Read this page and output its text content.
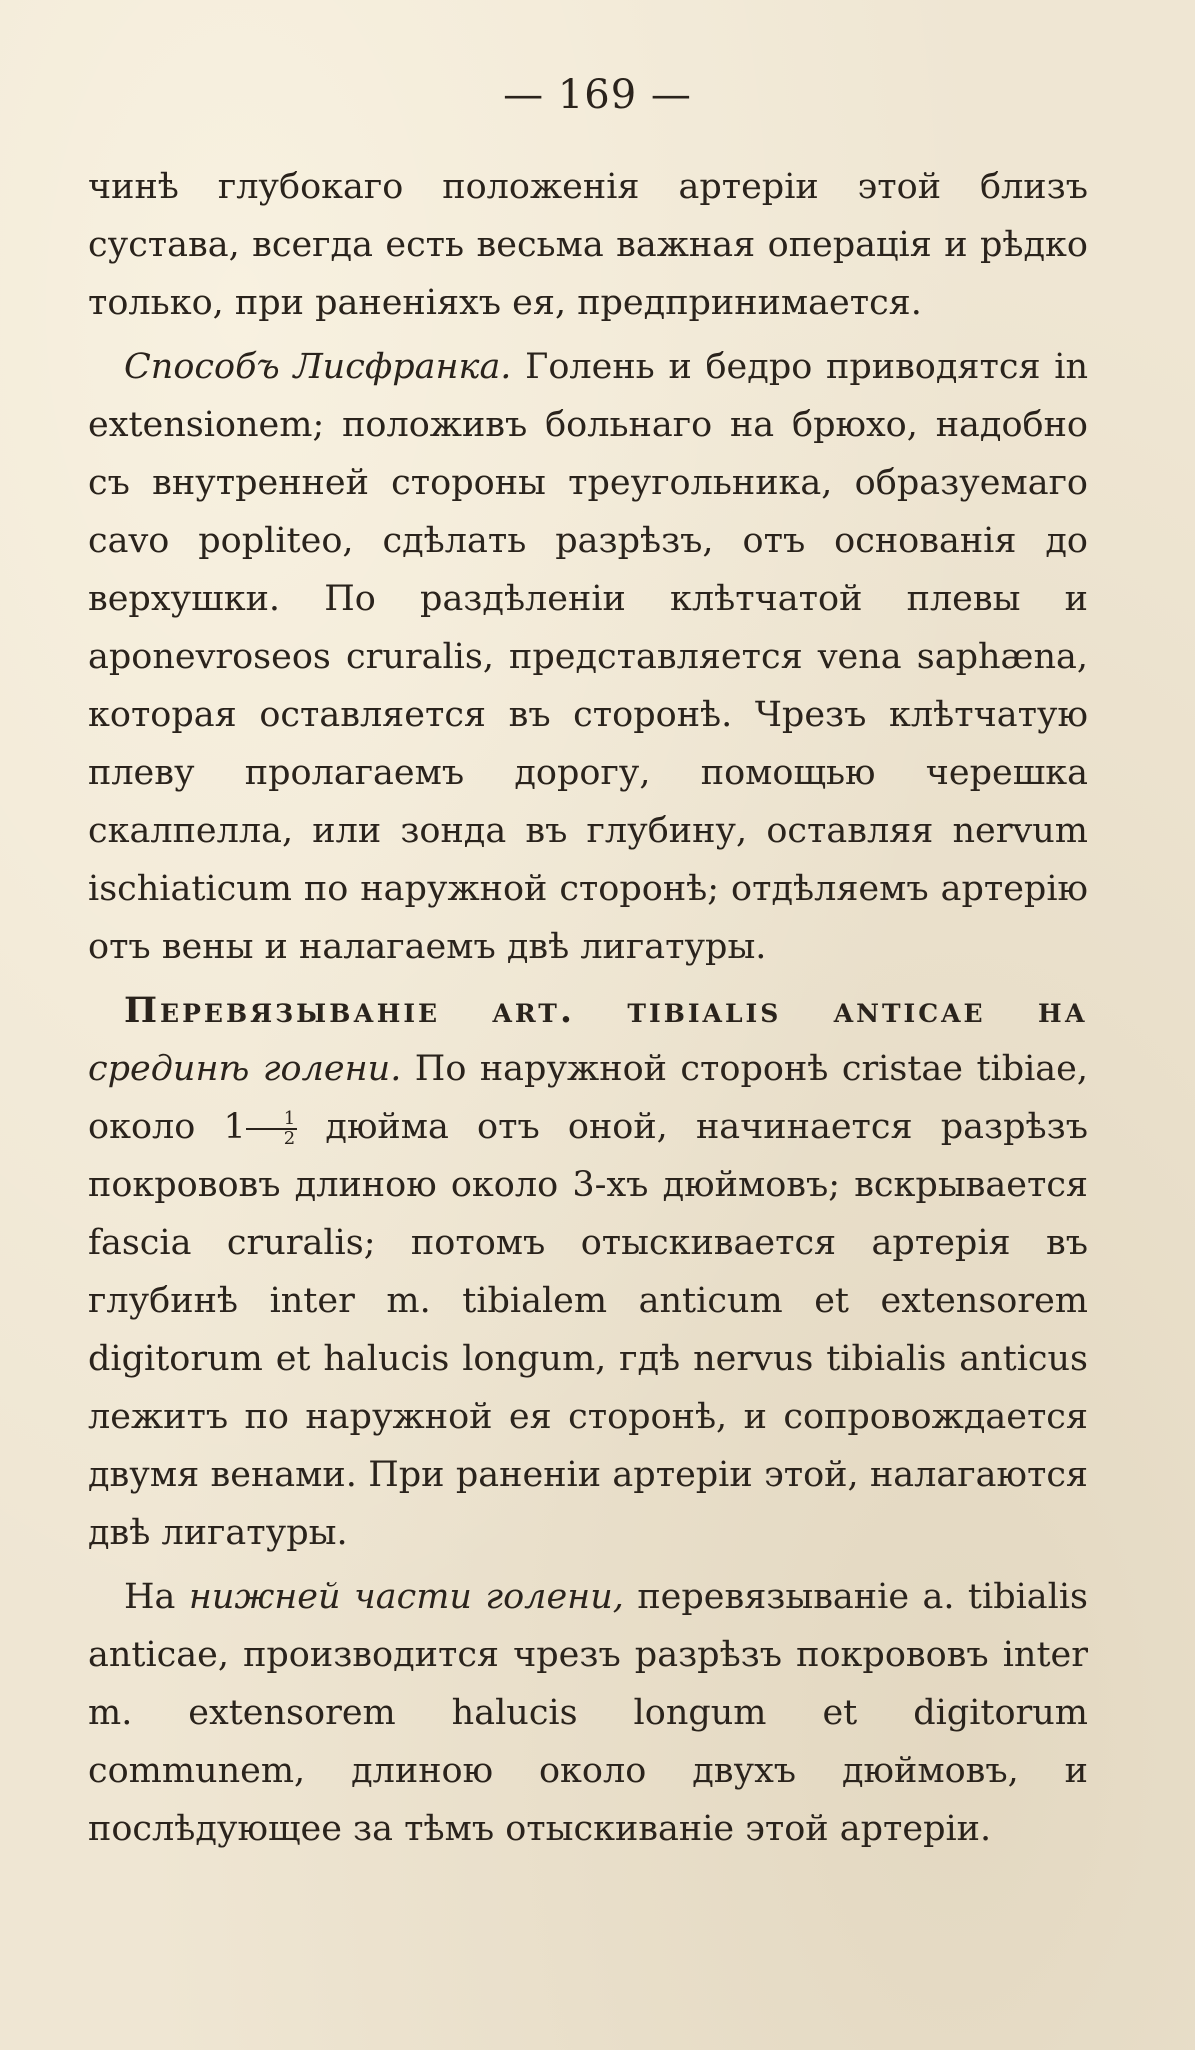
— 169 —

чинѣ глубокаго положенія артеріи этой близъ сустава, всегда есть весьма важная операція и рѣдко только, при раненіяхъ ея, предпринимается.

Способъ Лисфранка. Голень и бедро приводятся in extensionem; положивъ больнаго на брюхо, надобно съ внутренней стороны треугольника, образуемаго cavo poplitеo, сдѣлать разрѣзъ, отъ основанія до верхушки. По раздѣленіи клѣтчатой плевы и aponevroseos cruralis, представляется vena saphæna, которая оставляется въ сторонѣ. Чрезъ клѣтчатую плеву пролагаемъ дорогу, помощью черешка скалпелла, или зонда въ глубину, оставляя nervum ischiaticum по наружной сторонѣ; отдѣляемъ артерію отъ вены и налагаемъ двѣ лигатуры.

Перевязываніе art. tibialis anticae на срединѣ голени. По наружной сторонѣ cristae tibiae, около $1 \frac{1}{2}$ дюйма отъ оной, начинается разрѣзъ покрововъ длиною около 3-хъ дюймовъ; вскрывается fascia cruralis; потомъ отыскивается артерія въ глубинѣ inter m. tibialem anticum et extensorem digitorum et halucis longum, гдѣ nervus tibialis anticus лежитъ по наружной ея сторонѣ, и сопровождается двумя венами. При раненіи артеріи этой, налагаются двѣ лигатуры.

На нижней части голени, перевязываніе a. tibialis anticae, производится чрезъ разрѣзъ покрововъ inter m. extensorem halucis longum et digitorum communem, длиною около двухъ дюймовъ, и послѣдующее за тѣмъ отыскиваніе этой артеріи.
